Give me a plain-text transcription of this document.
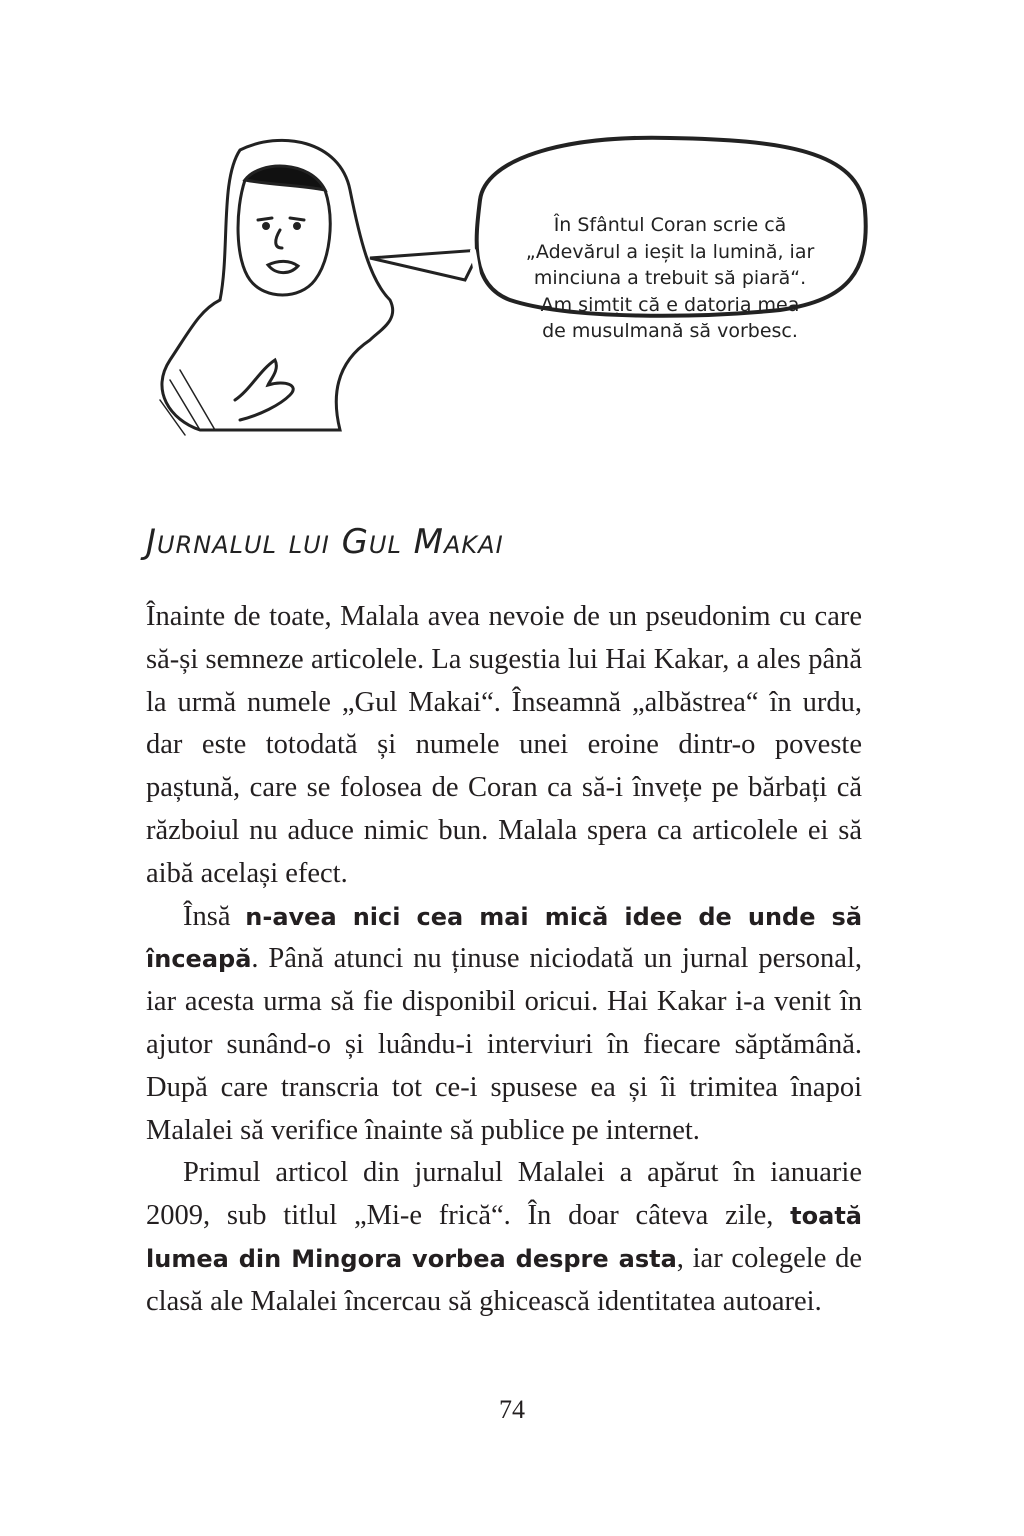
În Sfântul Coran scrie că
„Adevărul a ieșit la lumină, iar
minciuna a trebuit să piară“.
Am simțit că e datoria mea
de musulmană să vorbesc.
Jurnalul lui Gul Makai

Înainte de toate, Malala avea nevoie de un pseudonim cu care să-și semneze articolele. La sugestia lui Hai Kakar, a ales până la urmă numele „Gul Makai“. Înseamnă „albăstrea“ în urdu, dar este totodată și numele unei eroine dintr-o poveste paștună, care se folosea de Coran ca să-i învețe pe bărbați că războiul nu aduce nimic bun. Malala spera ca articolele ei să aibă același efect.

Însă n-avea nici cea mai mică idee de unde să înceapă. Până atunci nu ținuse niciodată un jurnal personal, iar acesta urma să fie disponibil oricui. Hai Kakar i-a venit în ajutor sunând-o și luându-i interviuri în fiecare săptămână. După care transcria tot ce-i spusese ea și îi trimitea înapoi Malalei să verifice înainte să publice pe internet.

Primul articol din jurnalul Malalei a apărut în ianuarie 2009, sub titlul „Mi-e frică“. În doar câteva zile, toată lumea din Mingora vorbea despre asta, iar colegele de clasă ale Malalei încercau să ghicească identitatea autoarei.

74
